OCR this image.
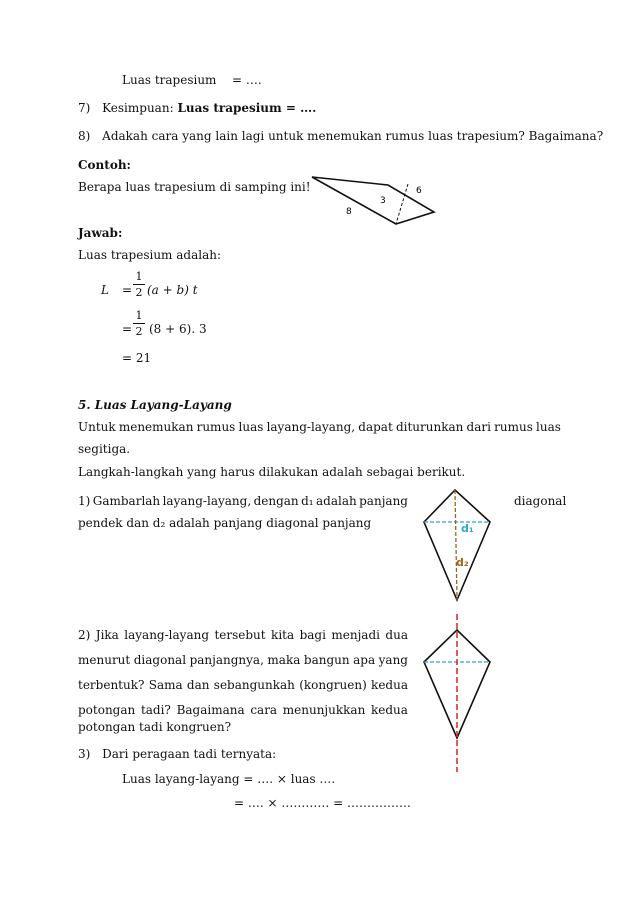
Luas trapesium = ….
7) Kesimpuan: Luas trapesium = ….
8) Adakah cara yang lain lagi untuk menemukan rumus luas trapesium? Bagaimana?
Contoh:
Berapa luas trapesium di samping ini!
8
3
6
Jawab:
Luas trapesium adalah:
L =
1
2 (a + b) t
=
1
2 (8 + 6). 3
= 21
5. Luas Layang-Layang
Untuk menemukan rumus luas layang-layang, dapat diturunkan dari rumus luas
segitiga.
Langkah-langkah yang harus dilakukan adalah sebagai berikut.
1) Gambarlah layang-layang, dengan d₁ adalah panjang	diagonal
pendek dan d₂ adalah panjang diagonal panjang	d₁
d₂
2) Jika layang-layang tersebut kita bagi menjadi dua
menurut diagonal panjangnya, maka bangun apa yang
terbentuk? Sama dan sebangunkah (kongruen) kedua
potongan tadi? Bagaimana cara menunjukkan kedua
potongan tadi kongruen?
3) Dari peragaan tadi ternyata:
Luas layang-layang = …. × luas ….
= …. × ………… = …………….
